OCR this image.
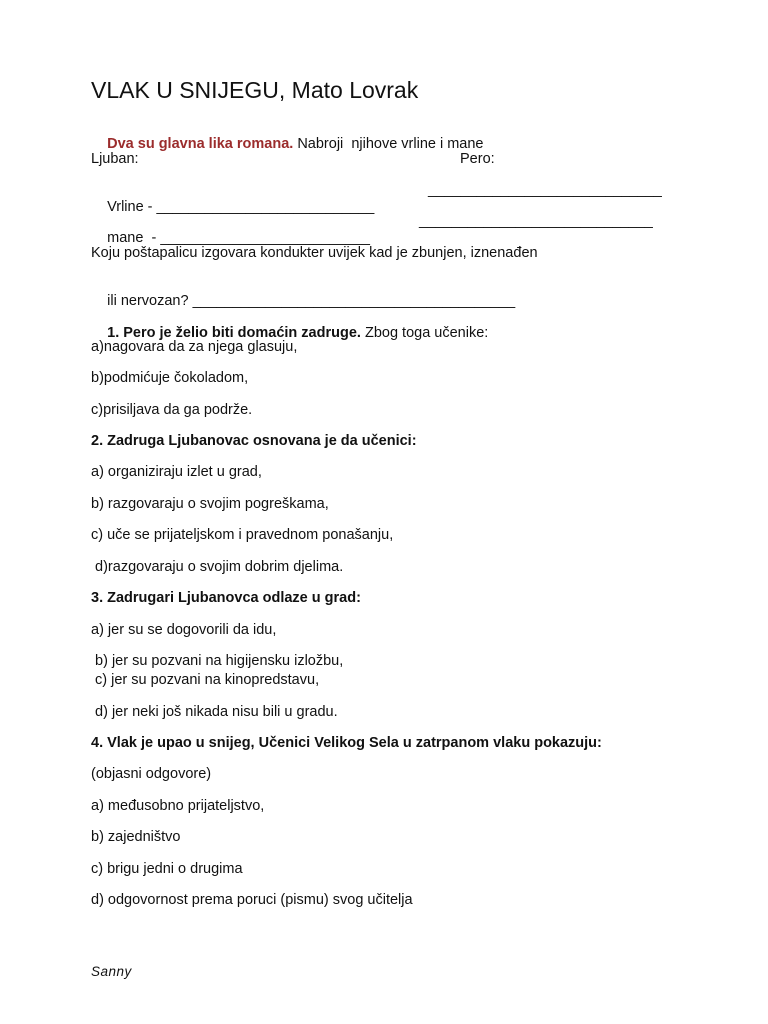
VLAK U SNIJEGU, Mato Lovrak

Dva su glavna lika romana. Nabroji  njihove vrline i mane

Ljuban:	Pero:

Vrline - ___________________________

_____________________________

mane  - __________________________

_____________________________
Koju poštapalicu izgovara kondukter uvijek kad je zbunjen, iznenađen

ili nervozan? ________________________________________

1. Pero je želio biti domaćin zadruge. Zbog toga učenike:

a)nagovara da za njega glasuju,
b)podmićuje čokoladom,
c)prisiljava da ga podrže.
2. Zadruga Ljubanovac osnovana je da učenici:
a) organiziraju izlet u grad,
b) razgovaraju o svojim pogreškama,
c) uče se prijateljskom i pravednom ponašanju,
d)razgovaraju o svojim dobrim djelima.
3. Zadrugari Ljubanovca odlaze u grad:
a) jer su se dogovorili da idu,
b) jer su pozvani na higijensku izložbu,
c) jer su pozvani na kinopredstavu,
d) jer neki još nikada nisu bili u gradu.
4. Vlak je upao u snijeg, Učenici Velikog Sela u zatrpanom vlaku pokazuju:
(objasni odgovore)
a) međusobno prijateljstvo,
b) zajedništvo
c) brigu jedni o drugima
d) odgovornost prema poruci (pismu) svog učitelja
Sanny
